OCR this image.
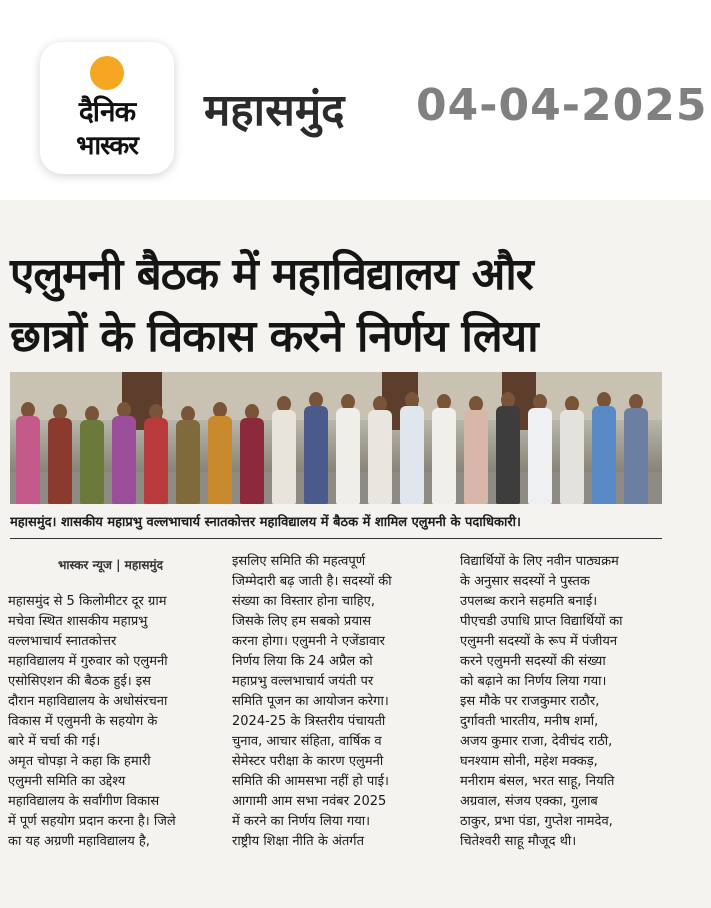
दैनिक
भास्कर
महासमुंद 04-04-2025
एलुमनी बैठक में महाविद्यालय और
छात्रों के विकास करने निर्णय लिया
महासमुंद। शासकीय महाप्रभु वल्लभाचार्य स्नातकोत्तर महाविद्यालय में बैठक में शामिल एलुमनी के पदाधिकारी।
भास्कर न्यूज | महासमुंद
महासमुंद से 5 किलोमीटर दूर ग्राम
मचेवा स्थित शासकीय महाप्रभु
वल्लभाचार्य स्नातकोत्तर
महाविद्यालय में गुरुवार को एलुमनी
एसोसिएशन की बैठक हुई। इस
दौरान महाविद्यालय के अधोसंरचना
विकास में एलुमनी के सहयोग के
बारे में चर्चा की गई।
अमृत चोपड़ा ने कहा कि हमारी
एलुमनी समिति का उद्देश्य
महाविद्यालय के सर्वांगीण विकास
में पूर्ण सहयोग प्रदान करना है। जिले
का यह अग्रणी महाविद्यालय है,
इसलिए समिति की महत्वपूर्ण
जिम्मेदारी बढ़ जाती है। सदस्यों की
संख्या का विस्तार होना चाहिए,
जिसके लिए हम सबको प्रयास
करना होगा। एलुमनी ने एजेंडावार
निर्णय लिया कि 24 अप्रैल को
महाप्रभु वल्लभाचार्य जयंती पर
समिति पूजन का आयोजन करेगा।
2024-25 के त्रिस्तरीय पंचायती
चुनाव, आचार संहिता, वार्षिक व
सेमेस्टर परीक्षा के कारण एलुमनी
समिति की आमसभा नहीं हो पाई।
आगामी आम सभा नवंबर 2025
में करने का निर्णय लिया गया।
राष्ट्रीय शिक्षा नीति के अंतर्गत
विद्यार्थियों के लिए नवीन पाठ्यक्रम
के अनुसार सदस्यों ने पुस्तक
उपलब्ध कराने सहमति बनाई।
पीएचडी उपाधि प्राप्त विद्यार्थियों का
एलुमनी सदस्यों के रूप में पंजीयन
करने एलुमनी सदस्यों की संख्या
को बढ़ाने का निर्णय लिया गया।
इस मौके पर राजकुमार राठौर,
दुर्गावती भारतीय, मनीष शर्मा,
अजय कुमार राजा, देवीचंद राठी,
घनश्याम सोनी, महेश मक्कड़,
मनीराम बंसल, भरत साहू, नियति
अग्रवाल, संजय एक्का, गुलाब
ठाकुर, प्रभा पंडा, गुप्तेश नामदेव,
चितेश्वरी साहू मौजूद थी।
